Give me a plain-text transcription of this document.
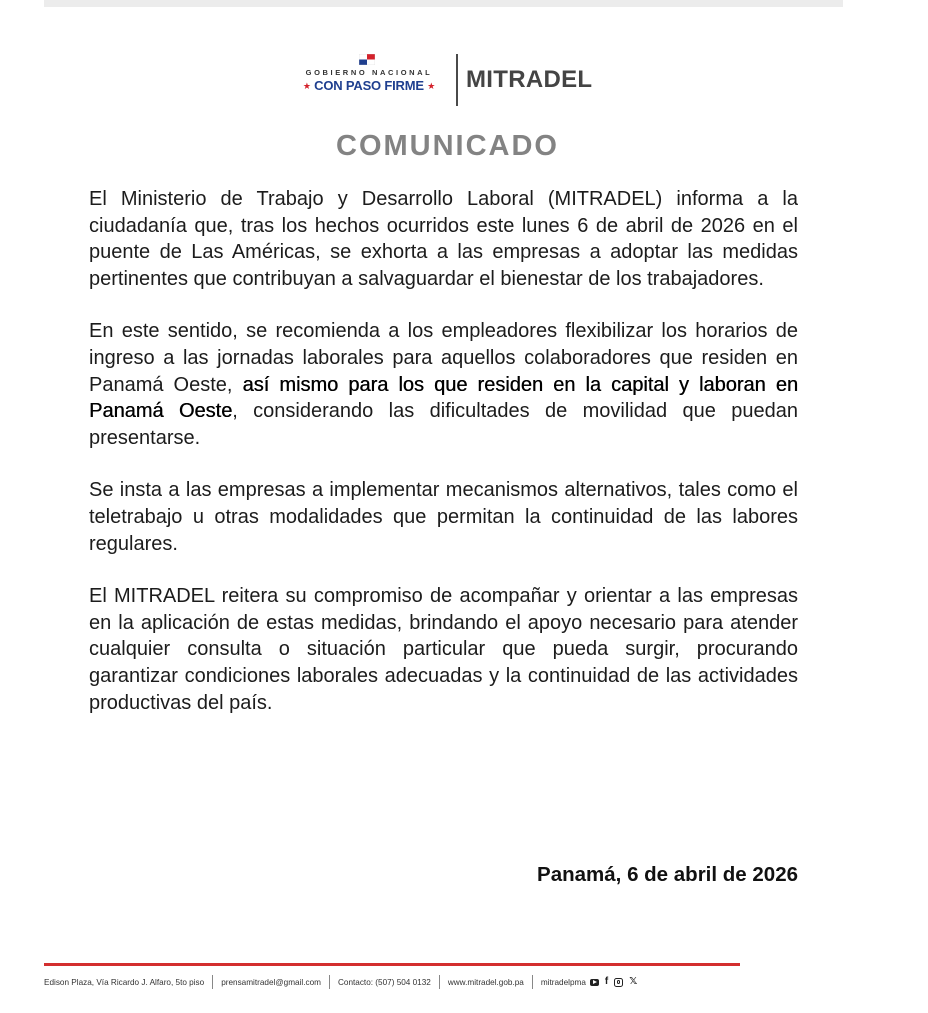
GOBIERNO NACIONAL
★ CON PASO FIRME ★	MITRADEL
COMUNICADO

El Ministerio de Trabajo y Desarrollo Laboral (MITRADEL) informa a la ciudadanía que, tras los hechos ocurridos este lunes 6 de abril de 2026 en el puente de Las Américas, se exhorta a las empresas a adoptar las medidas pertinentes que contribuyan a salvaguardar el bienestar de los trabajadores.

En este sentido, se recomienda a los empleadores flexibilizar los horarios de ingreso a las jornadas laborales para aquellos colaboradores que residen en Panamá Oeste, así mismo para los que residen en la capital y laboran en Panamá Oeste, considerando las dificultades de movilidad que puedan presentarse.

Se insta a las empresas a implementar mecanismos alternativos, tales como el teletrabajo u otras modalidades que permitan la continuidad de las labores regulares.

El MITRADEL reitera su compromiso de acompañar y orientar a las empresas en la aplicación de estas medidas, brindando el apoyo necesario para atender cualquier consulta o situación particular que pueda surgir, procurando garantizar condiciones laborales adecuadas y la continuidad de las actividades productivas del país.

Panamá, 6 de abril de 2026
Edison Plaza, Vía Ricardo J. Alfaro, 5to piso prensamitradel@gmail.com Contacto: (507) 504 0132 www.mitradel.gob.pa mitradelpma f 𝕏
